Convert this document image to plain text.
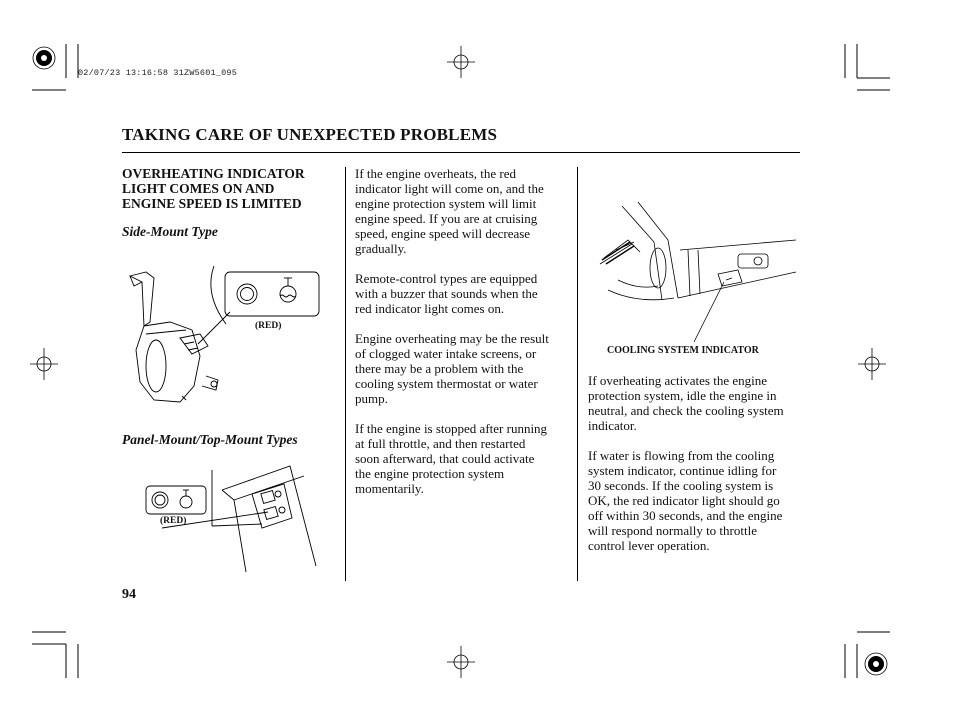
02/07/23 13:16:58 31ZW5601_095
TAKING CARE OF UNEXPECTED PROBLEMS
OVERHEATING INDICATOR
LIGHT COMES ON AND
ENGINE SPEED IS LIMITED
Side-Mount Type
(RED)
Panel-Mount/Top-Mount Types
(RED)
If the engine overheats, the red
indicator light will come on, and the
engine protection system will limit
engine speed. If you are at cruising
speed, engine speed will decrease
gradually.
Remote-control types are equipped
with a buzzer that sounds when the
red indicator light comes on.
Engine overheating may be the result
of clogged water intake screens, or
there may be a problem with the
cooling system thermostat or water
pump.
If the engine is stopped after running
at full throttle, and then restarted
soon afterward, that could activate
the engine protection system
momentarily.
COOLING SYSTEM INDICATOR
If overheating activates the engine
protection system, idle the engine in
neutral, and check the cooling system
indicator.
If water is flowing from the cooling
system indicator, continue idling for
30 seconds. If the cooling system is
OK, the red indicator light should go
off within 30 seconds, and the engine
will respond normally to throttle
control lever operation.
94
